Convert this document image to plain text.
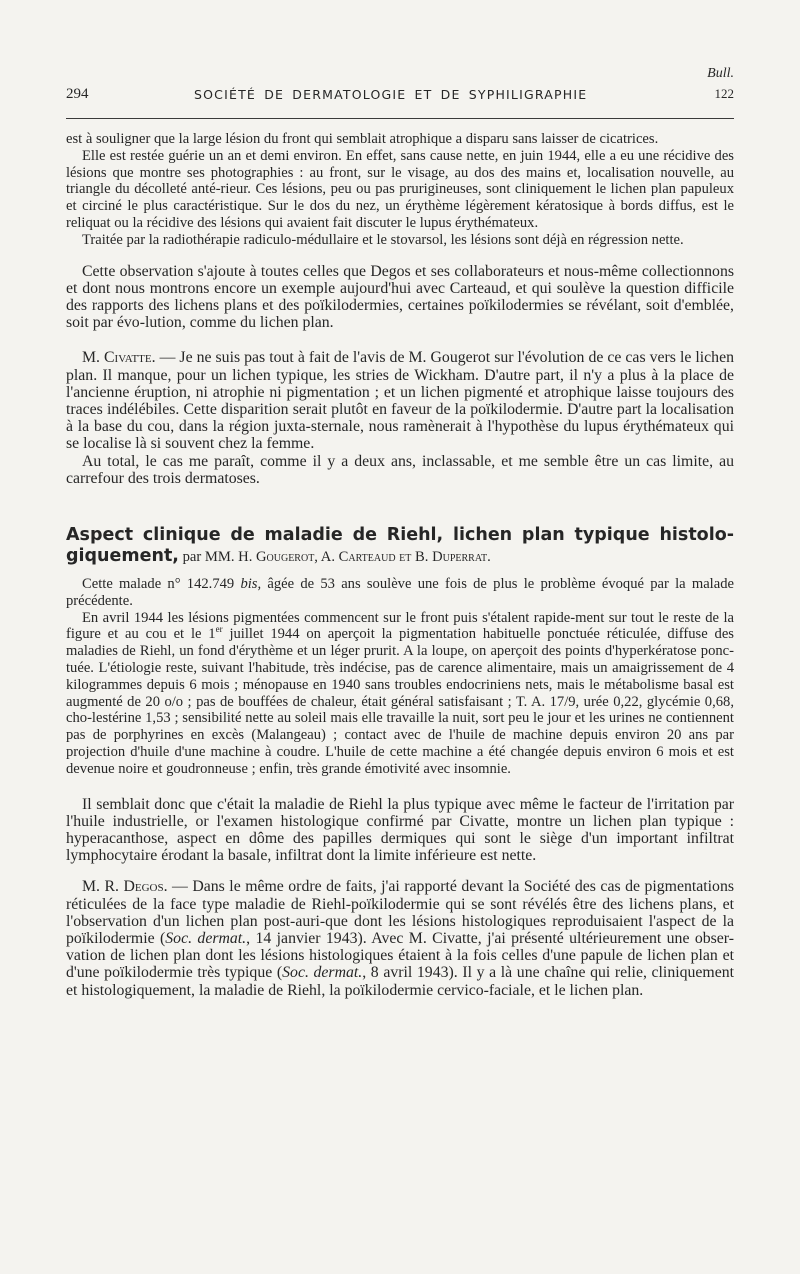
Bull.
294	SOCIÉTÉ DE DERMATOLOGIE ET DE SYPHILIGRAPHIE	122

est à souligner que la large lésion du front qui semblait atrophique a disparu sans laisser de cicatrices.

Elle est restée guérie un an et demi environ. En effet, sans cause nette, en juin 1944, elle a eu une récidive des lésions que montre ses photographies : au front, sur le visage, au dos des mains et, localisation nouvelle, au triangle du décolleté anté-rieur. Ces lésions, peu ou pas prurigineuses, sont cliniquement le lichen plan papuleux et circiné le plus caractéristique. Sur le dos du nez, un érythème légèrement kératosique à bords diffus, est le reliquat ou la récidive des lésions qui avaient fait discuter le lupus érythémateux.

Traitée par la radiothérapie radiculo-médullaire et le stovarsol, les lésions sont déjà en régression nette.

Cette observation s'ajoute à toutes celles que Degos et ses collaborateurs et nous-même collectionnons et dont nous montrons encore un exemple aujourd'hui avec Carteaud, et qui soulève la question difficile des rapports des lichens plans et des poïkilodermies, certaines poïkilodermies se révélant, soit d'emblée, soit par évo-lution, comme du lichen plan.

M. Civatte. — Je ne suis pas tout à fait de l'avis de M. Gougerot sur l'évolution de ce cas vers le lichen plan. Il manque, pour un lichen typique, les stries de Wickham. D'autre part, il n'y a plus à la place de l'ancienne éruption, ni atrophie ni pigmentation ; et un lichen pigmenté et atrophique laisse toujours des traces indélébiles. Cette disparition serait plutôt en faveur de la poïkilodermie. D'autre part la localisation à la base du cou, dans la région juxta-sternale, nous ramènerait à l'hypothèse du lupus érythémateux qui se localise là si souvent chez la femme.

Au total, le cas me paraît, comme il y a deux ans, inclassable, et me semble être un cas limite, au carrefour des trois dermatoses.

Aspect clinique de maladie de Riehl, lichen plan typique histolo-giquement, par MM. H. Gougerot, A. Carteaud et B. Duperrat.

Cette malade n° 142.749 bis, âgée de 53 ans soulève une fois de plus le problème évoqué par la malade précédente.

En avril 1944 les lésions pigmentées commencent sur le front puis s'étalent rapide-ment sur tout le reste de la figure et au cou et le 1er juillet 1944 on aperçoit la pigmentation habituelle ponctuée réticulée, diffuse des maladies de Riehl, un fond d'érythème et un léger prurit. A la loupe, on aperçoit des points d'hyperkératose ponc-tuée. L'étiologie reste, suivant l'habitude, très indécise, pas de carence alimentaire, mais un amaigrissement de 4 kilogrammes depuis 6 mois ; ménopause en 1940 sans troubles endocriniens nets, mais le métabolisme basal est augmenté de 20 o/o ; pas de bouffées de chaleur, était général satisfaisant ; T. A. 17/9, urée 0,22, glycémie 0,68, cho-lestérine 1,53 ; sensibilité nette au soleil mais elle travaille la nuit, sort peu le jour et les urines ne contiennent pas de porphyrines en excès (Malangeau) ; contact avec de l'huile de machine depuis environ 20 ans par projection d'huile d'une machine à coudre. L'huile de cette machine a été changée depuis environ 6 mois et est devenue noire et goudronneuse ; enfin, très grande émotivité avec insomnie.

Il semblait donc que c'était la maladie de Riehl la plus typique avec même le facteur de l'irritation par l'huile industrielle, or l'examen histologique confirmé par Civatte, montre un lichen plan typique : hyperacanthose, aspect en dôme des papilles dermiques qui sont le siège d'un important infiltrat lymphocytaire érodant la basale, infiltrat dont la limite inférieure est nette.

M. R. Degos. — Dans le même ordre de faits, j'ai rapporté devant la Société des cas de pigmentations réticulées de la face type maladie de Riehl-poïkilodermie qui se sont révélés être des lichens plans, et l'observation d'un lichen plan post-auri-que dont les lésions histologiques reproduisaient l'aspect de la poïkilodermie (Soc. dermat., 14 janvier 1943). Avec M. Civatte, j'ai présenté ultérieurement une obser-vation de lichen plan dont les lésions histologiques étaient à la fois celles d'une papule de lichen plan et d'une poïkilodermie très typique (Soc. dermat., 8 avril 1943). Il y a là une chaîne qui relie, cliniquement et histologiquement, la maladie de Riehl, la poïkilodermie cervico-faciale, et le lichen plan.
